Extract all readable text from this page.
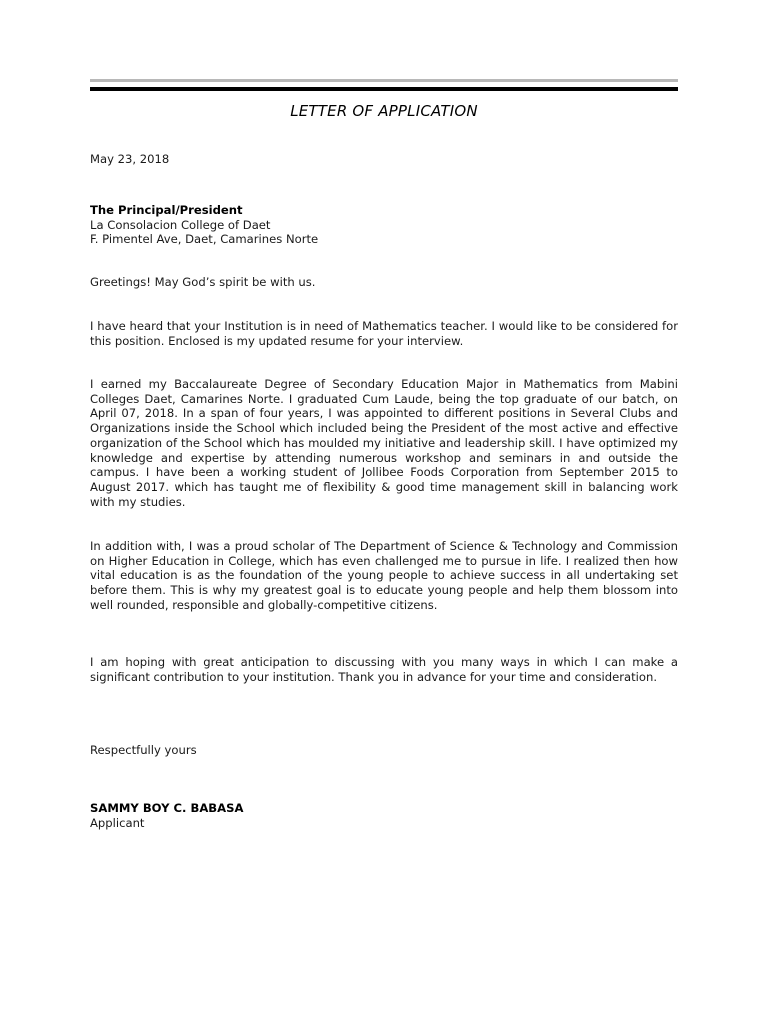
LETTER OF APPLICATION

May 23, 2018

The Principal/President
La Consolacion College of Daet
F. Pimentel Ave, Daet, Camarines Norte

Greetings! May God’s spirit be with us.

I have heard that your Institution is in need of Mathematics teacher. I would like to be considered for this position. Enclosed is my updated resume for your interview.

I earned my Baccalaureate Degree of Secondary Education Major in Mathematics from Mabini Colleges Daet, Camarines Norte. I graduated Cum Laude, being the top graduate of our batch, on April 07, 2018. In a span of four years, I was appointed to different positions in Several Clubs and Organizations inside the School which included being the President of the most active and effective organization of the School which has moulded my initiative and leadership skill. I have optimized my knowledge and expertise by attending numerous workshop and seminars in and outside the campus. I have been a working student of Jollibee Foods Corporation from September 2015 to August 2017. which has taught me of flexibility & good time management skill in balancing work with my studies.

In addition with, I was a proud scholar of The Department of Science & Technology and Commission on Higher Education in College, which has even challenged me to pursue in life. I realized then how vital education is as the foundation of the young people to achieve success in all undertaking set before them. This is why my greatest goal is to educate young people and help them blossom into well rounded, responsible and globally-competitive citizens.

I am hoping with great anticipation to discussing with you many ways in which I can make a significant contribution to your institution. Thank you in advance for your time and consideration.

Respectfully yours

SAMMY BOY C. BABASA
Applicant
